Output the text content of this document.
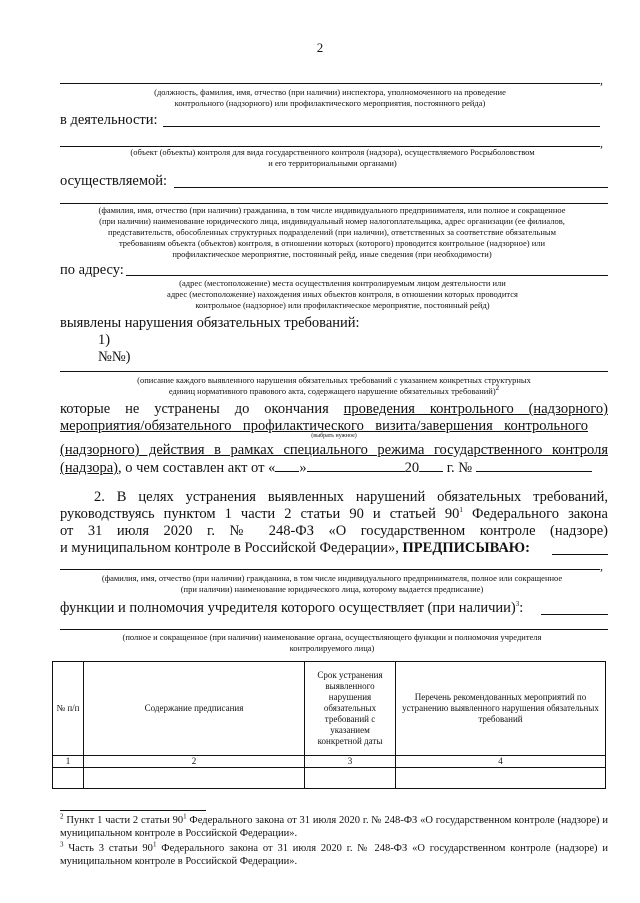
2
,
(должность, фамилия, имя, отчество (при наличии) инспектора, уполномоченного на проведение
контрольного (надзорного) или профилактического мероприятия, постоянного рейда)
в деятельности:
,
(объект (объекты) контроля для вида государственного контроля (надзора), осуществляемого Росрыболовством
и его территориальными органами)
осуществляемой:
(фамилия, имя, отчество (при наличии) гражданина, в том числе индивидуального предпринимателя, или полное и сокращенное
(при наличии) наименование юридического лица, индивидуальный номер налогоплательщика, адрес организации (ее филиалов,
представительств, обособленных структурных подразделений (при наличии), ответственных за соответствие обязательным
требованиям объекта (объектов) контроля, в отношении которых (которого) проводится контрольное (надзорное) или
профилактическое мероприятие, постоянный рейд, иные сведения (при необходимости)
по адресу:
(адрес (местоположение) места осуществления контролируемым лицом деятельности или
адрес (местоположение) нахождения иных объектов контроля, в отношении которых проводится
контрольное (надзорное) или профилактическое мероприятие, постоянный рейд)
выявлены нарушения обязательных требований:
1)
№№)
(описание каждого выявленного нарушения обязательных требований с указанием конкретных структурных
единиц нормативного правового акта, содержащего нарушение обязательных требований)$^2$
которые не устранены до окончания проведения контрольного (надзорного)
мероприятия/обязательного профилактического визита/завершения контрольного
(выбрать нужное)
(надзорного) действия в рамках специального режима государственного контроля
(надзора), о чем составлен акт от « »	20 г. №
2. В целях устранения выявленных нарушений обязательных требований,
руководствуясь пунктом 1 части 2 статьи 90 и статьей $90^1$ Федерального закона
от 31 июля 2020 г. № 248-ФЗ «О государственном контроле (надзоре)
и муниципальном контроле в Российской Федерации», ПРЕДПИСЫВАЮ:
,
(фамилия, имя, отчество (при наличии) гражданина, в том числе индивидуального предпринимателя, полное или сокращенное
(при наличии) наименование юридического лица, которому выдается предписание)
функции и полномочия учредителя которого осуществляет (при наличии)$^3$:
(полное и сокращенное (при наличии) наименование органа, осуществляющего функции и полномочия учредителя
контролируемого лица)
№ п/п	Содержание предписания	Срок устранения выявленного нарушения обязательных требований с указанием конкретной даты	Перечень рекомендованных мероприятий по устранению выявленного нарушения обязательных требований
1	2	3	4

$^2$ Пункт 1 части 2 статьи $90^1$ Федерального закона от 31 июля 2020 г. № 248-ФЗ «О государственном контроле (надзоре) и муниципальном контроле в Российской Федерации».
$^3$ Часть 3 статьи $90^1$ Федерального закона от 31 июля 2020 г. № 248-ФЗ «О государственном контроле (надзоре) и муниципальном контроле в Российской Федерации».
